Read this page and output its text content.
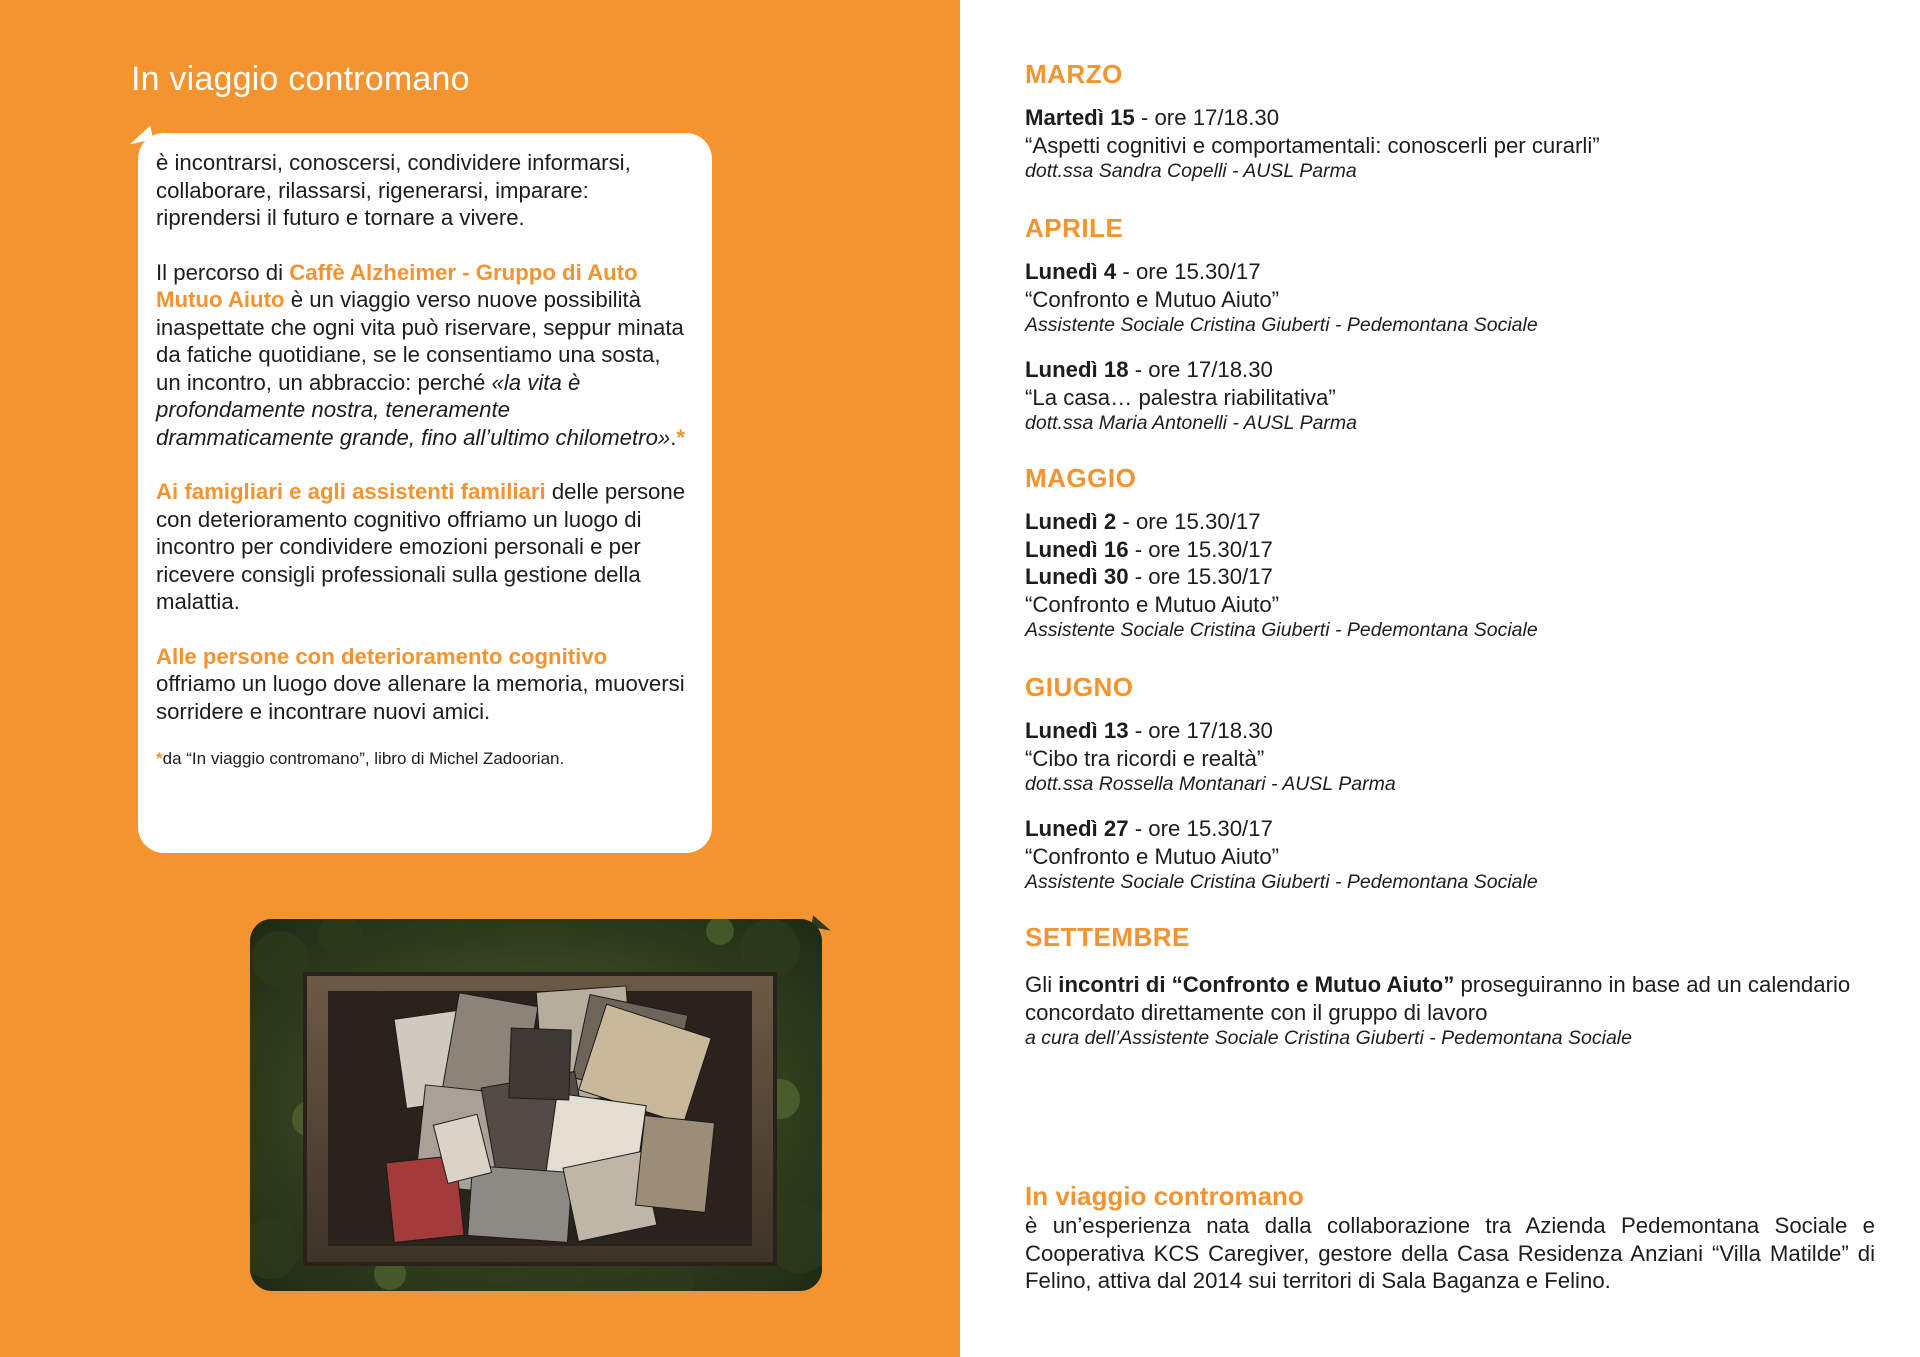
In viaggio contromano

è incontrarsi, conoscersi, condividere informarsi, collaborare, rilassarsi, rigenerarsi, imparare: riprendersi il futuro e tornare a vivere.

Il percorso di Caffè Alzheimer - Gruppo di Auto Mutuo Aiuto è un viaggio verso nuove possibilità inaspettate che ogni vita può riservare, seppur minata da fatiche quotidiane, se le consentiamo una sosta, un incontro, un abbraccio: perché «la vita è profondamente nostra, teneramente drammaticamente grande, fino all’ultimo chilometro».*

Ai famigliari e agli assistenti familiari delle persone con deterioramento cognitivo offriamo un luogo di incontro per condividere emozioni personali e per ricevere consigli professionali sulla gestione della malattia.

Alle persone con deterioramento cognitivo offriamo un luogo dove allenare la memoria, muoversi sorridere e incontrare nuovi amici.

*da “In viaggio contromano”, libro di Michel Zadoorian.

MARZO
Martedì 15 - ore 17/18.30
“Aspetti cognitivi e comportamentali: conoscerli per curarli”
dott.ssa Sandra Copelli - AUSL Parma
APRILE
Lunedì 4 - ore 15.30/17
“Confronto e Mutuo Aiuto”
Assistente Sociale Cristina Giuberti - Pedemontana Sociale
Lunedì 18 - ore 17/18.30
“La casa… palestra riabilitativa”
dott.ssa Maria Antonelli - AUSL Parma
MAGGIO
Lunedì 2 - ore 15.30/17
Lunedì 16 - ore 15.30/17
Lunedì 30 - ore 15.30/17
“Confronto e Mutuo Aiuto”
Assistente Sociale Cristina Giuberti - Pedemontana Sociale
GIUGNO
Lunedì 13 - ore 17/18.30
“Cibo tra ricordi e realtà”
dott.ssa Rossella Montanari - AUSL Parma
Lunedì 27 - ore 15.30/17
“Confronto e Mutuo Aiuto”
Assistente Sociale Cristina Giuberti - Pedemontana Sociale
SETTEMBRE
Gli incontri di “Confronto e Mutuo Aiuto” proseguiranno in base ad un calendario concordato direttamente con il gruppo di lavoro
a cura dell’Assistente Sociale Cristina Giuberti - Pedemontana Sociale
In viaggio contromano
è un’esperienza nata dalla collaborazione tra Azienda Pedemontana Sociale e Cooperativa KCS Caregiver, gestore della Casa Residenza Anziani “Villa Matilde” di Felino, attiva dal 2014 sui territori di Sala Baganza e Felino.
